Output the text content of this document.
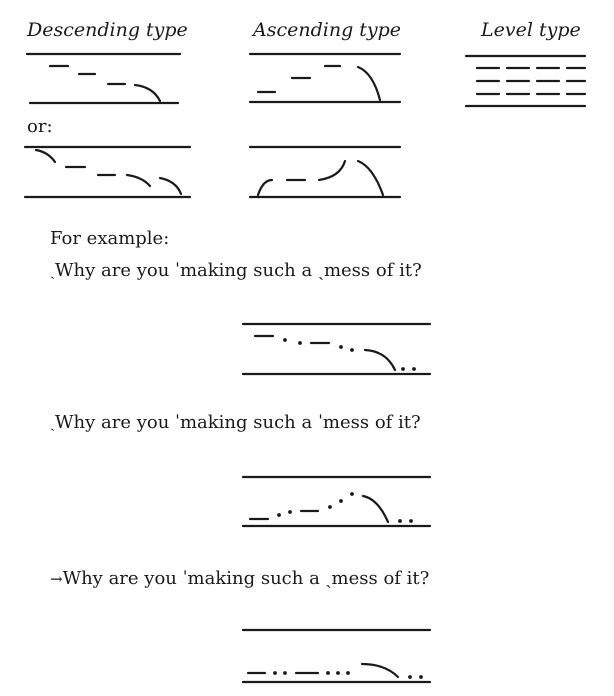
Descending type	Ascending type	Level type
or:
For example:
ˎWhy are you ˈmaking such a ˎmess of it?
ˏWhy are you ˈmaking such a ˈmess of it?
→Why are you ˈmaking such a ˎmess of it?
